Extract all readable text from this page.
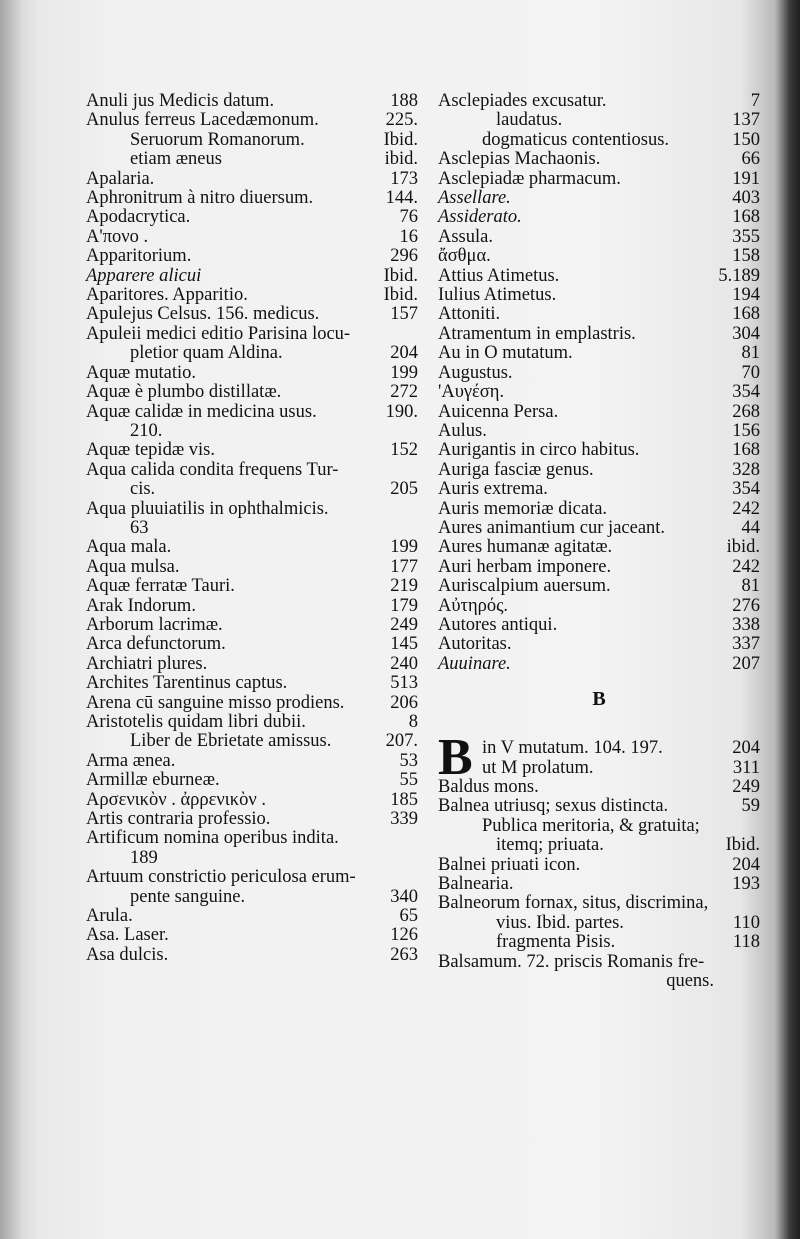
Anuli jus Medicis datum.	188
Anulus ferreus Lacedæmonum.	225.
Seruorum Romanorum.	Ibid.
etiam æneus	ibid.
Apalaria.	173
Aphronitrum à nitro diuersum.	144.
Apodacrytica.	76
Α'πονο .	16
Apparitorium.	296
Apparere alicui	Ibid.
Aparitores. Apparitio.	Ibid.
Apulejus Celsus. 156. medicus.	157
Apuleii medici editio Parisina locu-
pletior quam Aldina.	204
Aquæ mutatio.	199
Aquæ è plumbo distillatæ.	272
Aquæ calidæ in medicina usus.	190.
210.
Aquæ tepidæ vis.	152
Aqua calida condita frequens Tur-
cis.	205
Aqua pluuiatilis in ophthalmicis.
63
Aqua mala.	199
Aqua mulsa.	177
Aquæ ferratæ Tauri.	219
Arak Indorum.	179
Arborum lacrimæ.	249
Arca defunctorum.	145
Archiatri plures.	240
Archites Tarentinus captus.	513
Arena cū sanguine misso prodiens.	206
Aristotelis quidam libri dubii.	8
Liber de Ebrietate amissus.	207.
Arma ænea.	53
Armillæ eburneæ.	55
Αρσενικὸν . ἀρρενικὸν .	185
Artis contraria professio.	339
Artificum nomina operibus indita.
189
Artuum constrictio periculosa erum-
pente sanguine.	340
Arula.	65
Asa. Laser.	126
Asa dulcis.	263
Asclepiades excusatur.	7
laudatus.	137
dogmaticus contentiosus.	150
Asclepias Machaonis.	66
Asclepiadæ pharmacum.	191
Assellare.	403
Assiderato.	168
Assula.	355
ἄσθμα.	158
Attius Atimetus.	5.189
Iulius Atimetus.	194
Attoniti.	168
Atramentum in emplastris.	304
Au in O mutatum.	81
Augustus.	70
'Αυγέση.	354
Auicenna Persa.	268
Aulus.	156
Aurigantis in circo habitus.	168
Auriga fasciæ genus.	328
Auris extrema.	354
Auris memoriæ dicata.	242
Aures animantium cur jaceant.	44
Aures humanæ agitatæ.	ibid.
Auri herbam imponere.	242
Auriscalpium auersum.	81
Αὐτηρός.	276
Autores antiqui.	338
Autoritas.	337
Auuinare.	207
B
B in V mutatum. 104. 197.	204
ut M prolatum.	311
Baldus mons.	249
Balnea utriusq; sexus distincta.	59
Publica meritoria, & gratuita;
itemq; priuata.	Ibid.
Balnei priuati icon.	204
Balnearia.	193
Balneorum fornax, situs, discrimina,
vius. Ibid. partes.	110
fragmenta Pisis.	118
Balsamum. 72. priscis Romanis fre-
quens.
